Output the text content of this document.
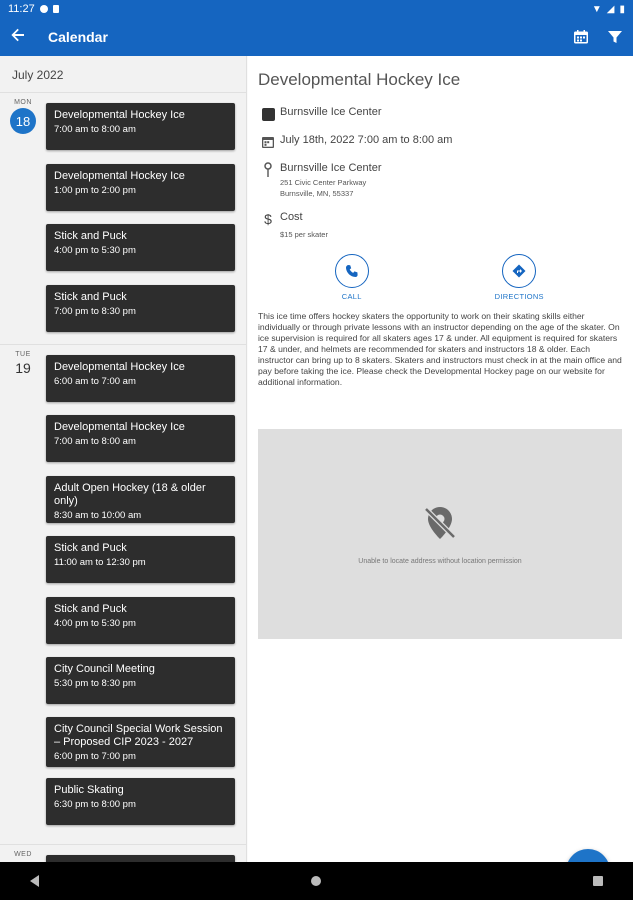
11:27	▼ ◢ ▮
Calendar
July 2022
MON
18	Developmental Hockey Ice
7:00 am to 8:00 am
Developmental Hockey Ice
1:00 pm to 2:00 pm
Stick and Puck
4:00 pm to 5:30 pm
Stick and Puck
7:00 pm to 8:30 pm
TUE
19	Developmental Hockey Ice
6:00 am to 7:00 am
Developmental Hockey Ice
7:00 am to 8:00 am
Adult Open Hockey (18 & older only)
8:30 am to 10:00 am
Stick and Puck
11:00 am to 12:30 pm
Stick and Puck
4:00 pm to 5:30 pm
City Council Meeting
5:30 pm to 8:30 pm
City Council Special Work Session – Proposed CIP 2023 - 2027
6:00 pm to 7:00 pm
Public Skating
6:30 pm to 8:00 pm
WED
Developmental Hockey Ice
Burnsville Ice Center
July 18th, 2022 7:00 am to 8:00 am
Burnsville Ice Center
251 Civic Center Parkway
Burnsville, MN, 55337
$ Cost
$15 per skater
CALL	DIRECTIONS
This ice time offers hockey skaters the opportunity to work on their skating skills either individually or through private lessons with an instructor depending on the age of the skater. On ice supervision is required for all skaters ages 17 & under. All equipment is required for skaters 17 & under, and helmets are recommended for skaters and instructors 18 & older. Each instructor can bring up to 8 skaters. Skaters and instructors must check in at the main office and pay before taking the ice. Please check the Developmental Hockey page on our website for additional information.
Unable to locate address without location permission
